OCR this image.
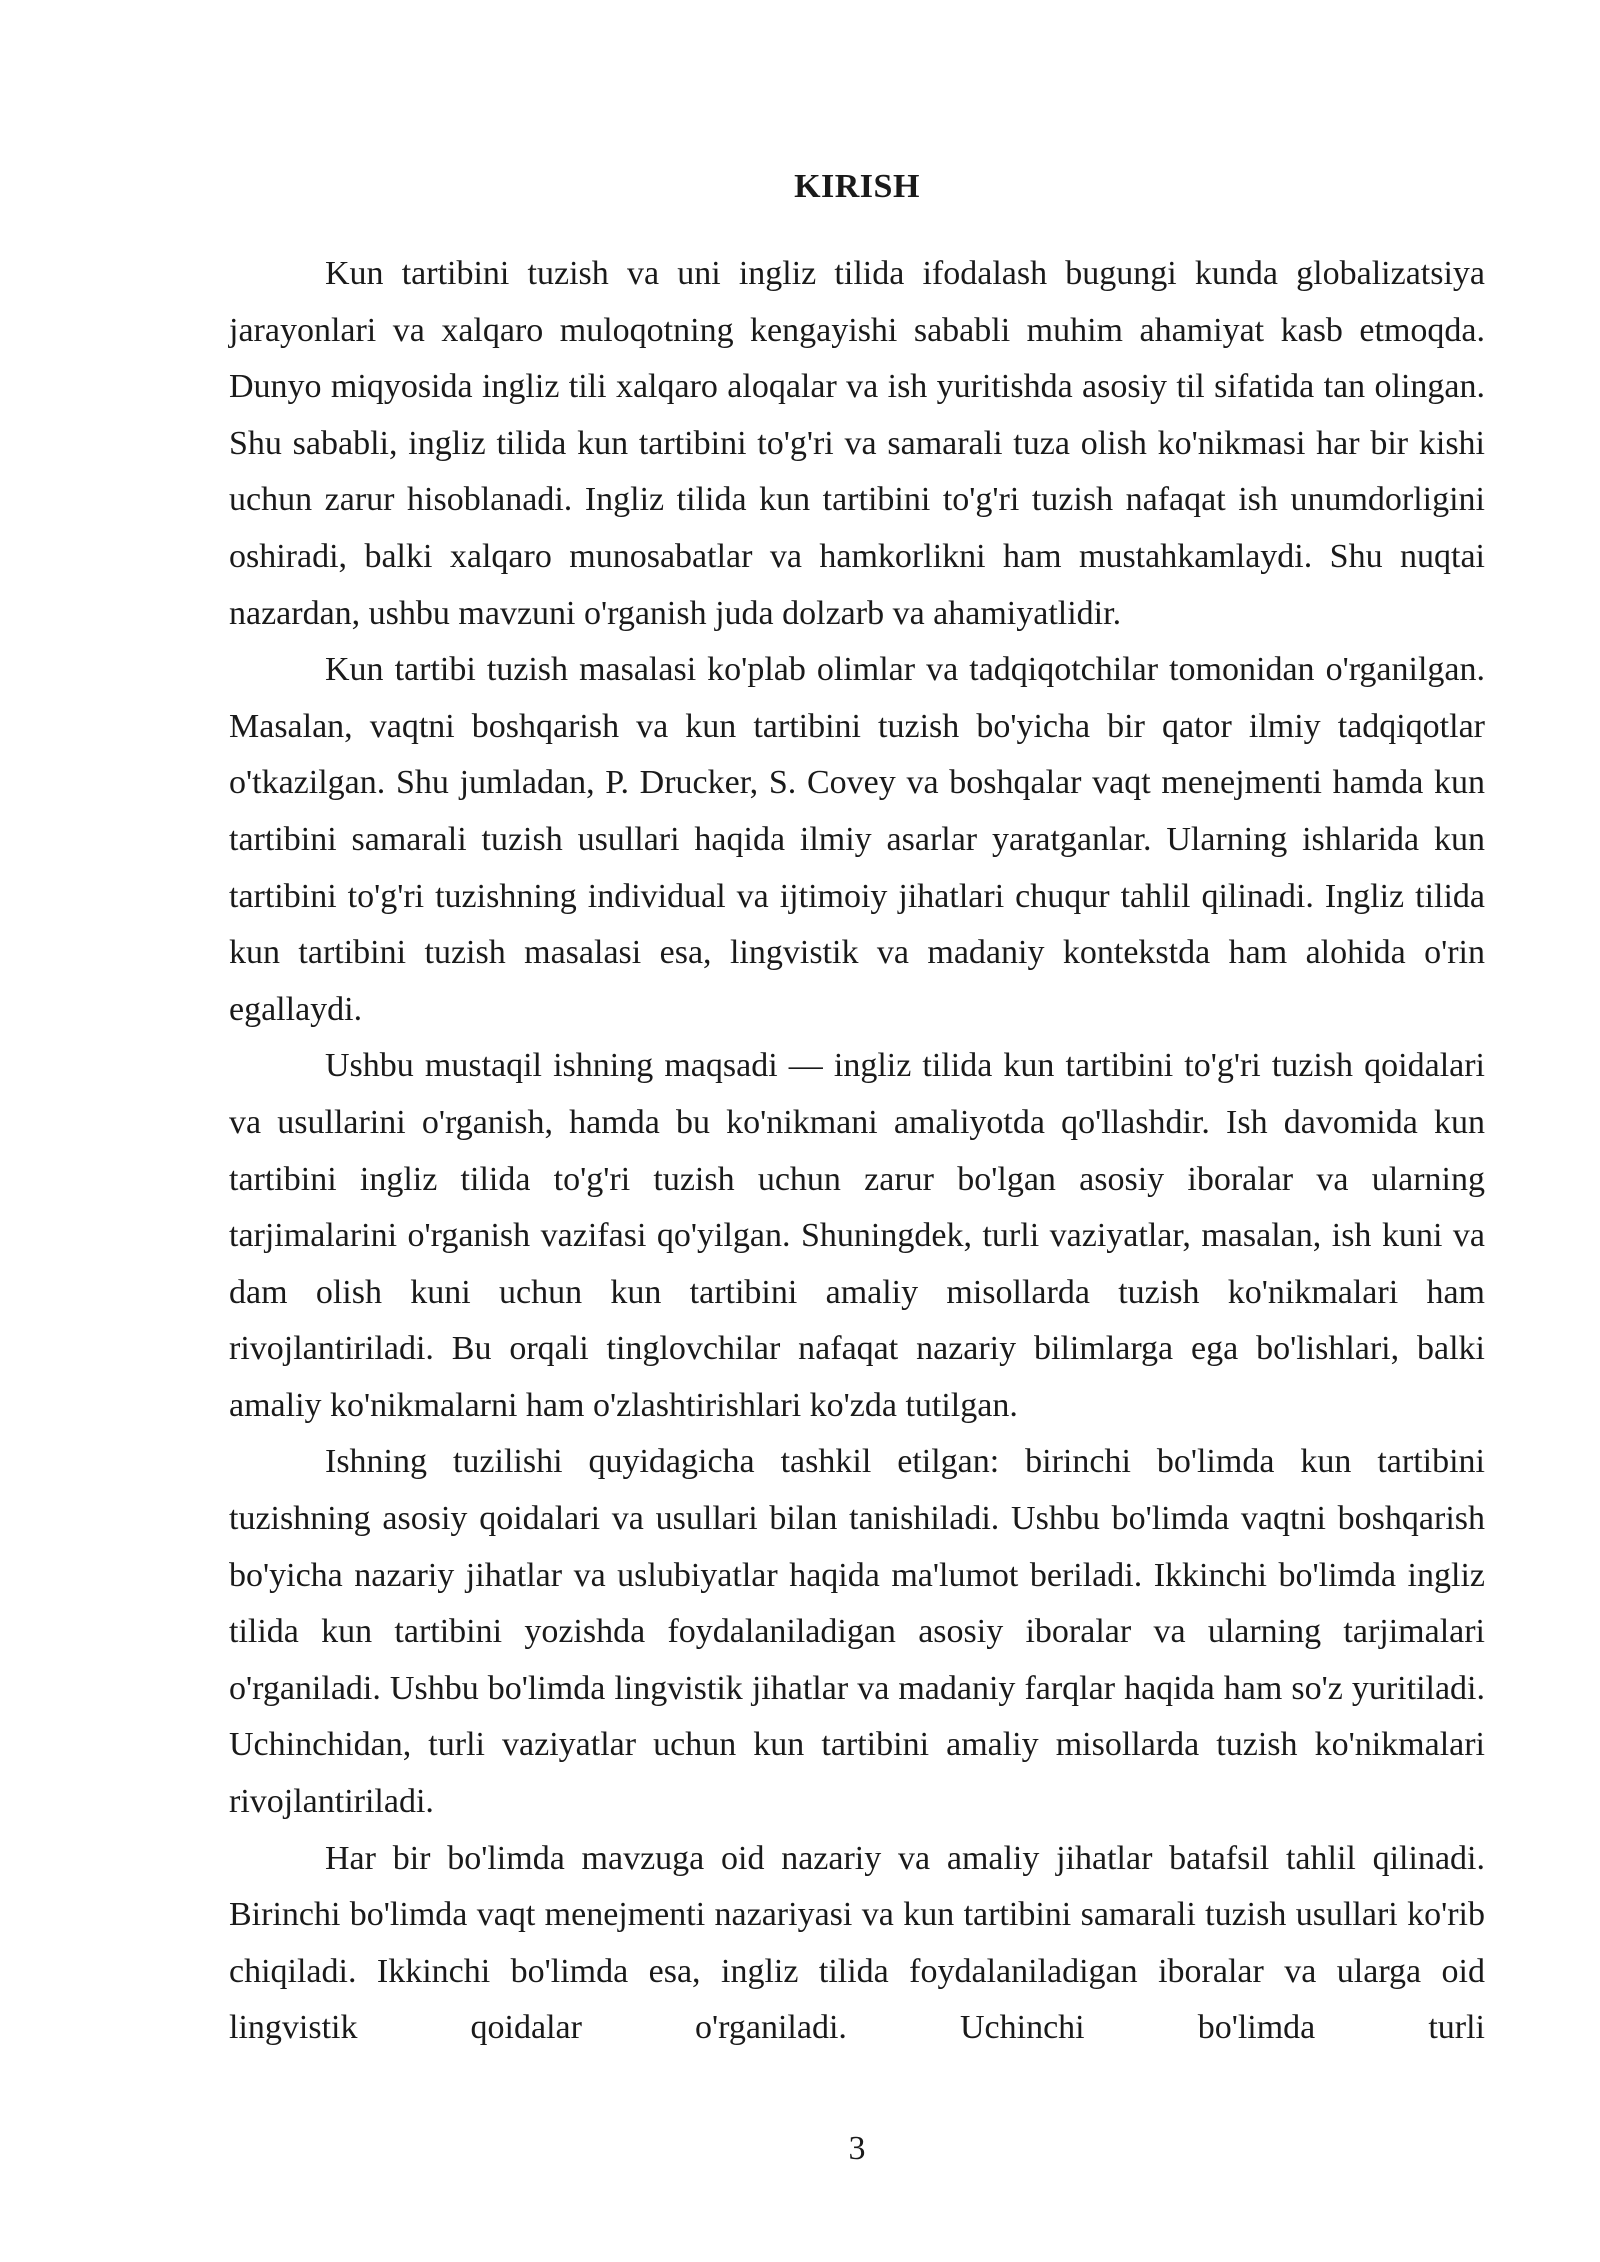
KIRISH

Kun tartibini tuzish va uni ingliz tilida ifodalash bugungi kunda globalizatsiya jarayonlari va xalqaro muloqotning kengayishi sababli muhim ahamiyat kasb etmoqda. Dunyo miqyosida ingliz tili xalqaro aloqalar va ish yuritishda asosiy til sifatida tan olingan. Shu sababli, ingliz tilida kun tartibini to'g'ri va samarali tuza olish ko'nikmasi har bir kishi uchun zarur hisoblanadi. Ingliz tilida kun tartibini to'g'ri tuzish nafaqat ish unumdorligini oshiradi, balki xalqaro munosabatlar va hamkorlikni ham mustahkamlaydi. Shu nuqtai nazardan, ushbu mavzuni o'rganish juda dolzarb va ahamiyatlidir.

Kun tartibi tuzish masalasi ko'plab olimlar va tadqiqotchilar tomonidan o'rganilgan. Masalan, vaqtni boshqarish va kun tartibini tuzish bo'yicha bir qator ilmiy tadqiqotlar o'tkazilgan. Shu jumladan, P. Drucker, S. Covey va boshqalar vaqt menejmenti hamda kun tartibini samarali tuzish usullari haqida ilmiy asarlar yaratganlar. Ularning ishlarida kun tartibini to'g'ri tuzishning individual va ijtimoiy jihatlari chuqur tahlil qilinadi. Ingliz tilida kun tartibini tuzish masalasi esa, lingvistik va madaniy kontekstda ham alohida o'rin egallaydi.

Ushbu mustaqil ishning maqsadi — ingliz tilida kun tartibini to'g'ri tuzish qoidalari va usullarini o'rganish, hamda bu ko'nikmani amaliyotda qo'llashdir. Ish davomida kun tartibini ingliz tilida to'g'ri tuzish uchun zarur bo'lgan asosiy iboralar va ularning tarjimalarini o'rganish vazifasi qo'yilgan. Shuningdek, turli vaziyatlar, masalan, ish kuni va dam olish kuni uchun kun tartibini amaliy misollarda tuzish ko'nikmalari ham rivojlantiriladi. Bu orqali tinglovchilar nafaqat nazariy bilimlarga ega bo'lishlari, balki amaliy ko'nikmalarni ham o'zlashtirishlari ko'zda tutilgan.

Ishning tuzilishi quyidagicha tashkil etilgan: birinchi bo'limda kun tartibini tuzishning asosiy qoidalari va usullari bilan tanishiladi. Ushbu bo'limda vaqtni boshqarish bo'yicha nazariy jihatlar va uslubiyatlar haqida ma'lumot beriladi. Ikkinchi bo'limda ingliz tilida kun tartibini yozishda foydalaniladigan asosiy iboralar va ularning tarjimalari o'rganiladi. Ushbu bo'limda lingvistik jihatlar va madaniy farqlar haqida ham so'z yuritiladi. Uchinchidan, turli vaziyatlar uchun kun tartibini amaliy misollarda tuzish ko'nikmalari rivojlantiriladi.

Har bir bo'limda mavzuga oid nazariy va amaliy jihatlar batafsil tahlil qilinadi. Birinchi bo'limda vaqt menejmenti nazariyasi va kun tartibini samarali tuzish usullari ko'rib chiqiladi. Ikkinchi bo'limda esa, ingliz tilida foydalaniladigan iboralar va ularga oid lingvistik qoidalar o'rganiladi. Uchinchi bo'limda turli

3
